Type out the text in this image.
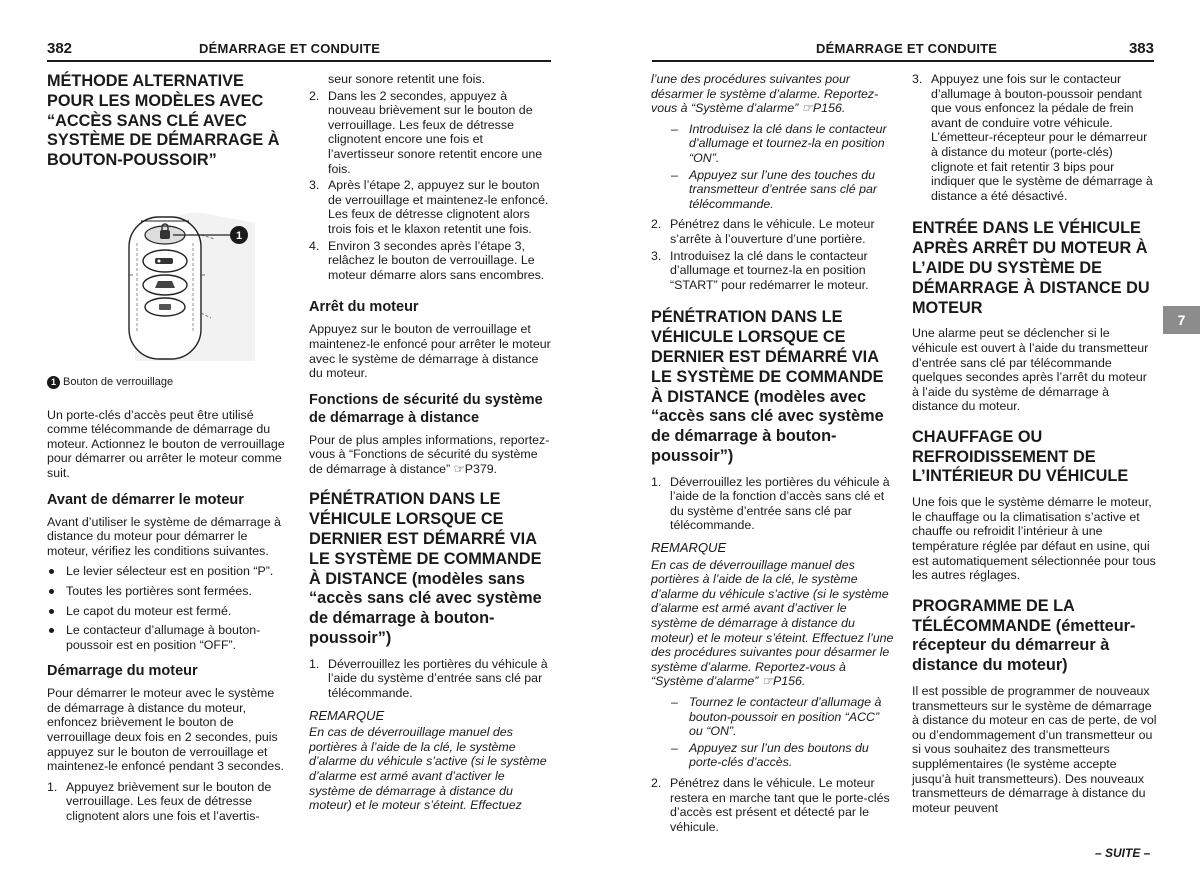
382	DÉMARRAGE ET CONDUITE
MÉTHODE ALTERNATIVE POUR LES MODÈLES AVEC “ACCÈS SANS CLÉ AVEC SYSTÈME DE DÉMARRAGE À BOUTON-POUSSOIR”
1
1 Bouton de verrouillage

Un porte-clés d’accès peut être utilisé comme télécommande de démarrage du moteur. Actionnez le bouton de verrouillage pour démarrer ou arrêter le moteur comme suit.

Avant de démarrer le moteur

Avant d’utiliser le système de démarrage à distance du moteur pour démarrer le moteur, vérifiez les conditions suivantes.

Le levier sélecteur est en position “P”.
Toutes les portières sont fermées.
Le capot du moteur est fermé.
Le contacteur d’allumage à bouton-poussoir est en position “OFF”.
Démarrage du moteur

Pour démarrer le moteur avec le système de démarrage à distance du moteur, enfoncez brièvement le bouton de verrouillage deux fois en 2 secondes, puis appuyez sur le bouton de verrouillage et maintenez-le enfoncé pendant 3 secondes.

1. Appuyez brièvement sur le bouton de verrouillage. Les feux de détresse clignotent alors une fois et l’avertis-

seur sonore retentit une fois.

2. Dans les 2 secondes, appuyez à nouveau brièvement sur le bouton de verrouillage. Les feux de détresse clignotent encore une fois et l’avertisseur sonore retentit encore une fois.
3. Après l’étape 2, appuyez sur le bouton de verrouillage et maintenez-le enfoncé. Les feux de détresse clignotent alors trois fois et le klaxon retentit une fois.
4. Environ 3 secondes après l’étape 3, relâchez le bouton de verrouillage. Le moteur démarre alors sans encombres.
Arrêt du moteur

Appuyez sur le bouton de verrouillage et maintenez-le enfoncé pour arrêter le moteur avec le système de démarrage à distance du moteur.

Fonctions de sécurité du système de démarrage à distance

Pour de plus amples informations, reportez-vous à “Fonctions de sécurité du système de démarrage à distance” ☞P379.

PÉNÉTRATION DANS LE VÉHICULE LORSQUE CE DERNIER EST DÉMARRÉ VIA LE SYSTÈME DE COMMANDE À DISTANCE (modèles sans “accès sans clé avec système de démarrage à bouton-poussoir”)
1. Déverrouillez les portières du véhicule à l’aide du système d’entrée sans clé par télécommande.
REMARQUE

En cas de déverrouillage manuel des portières à l’aide de la clé, le système d’alarme du véhicule s’active (si le système d’alarme est armé avant d’activer le système de démarrage à distance du moteur) et le moteur s’éteint. Effectuez

DÉMARRAGE ET CONDUITE	383

l’une des procédures suivantes pour désarmer le système d’alarme. Reportez-vous à “Système d’alarme” ☞P156.

– Introduisez la clé dans le contacteur d’allumage et tournez-la en position “ON”.
– Appuyez sur l’une des touches du transmetteur d’entrée sans clé par télécommande.
2. Pénétrez dans le véhicule. Le moteur s’arrête à l’ouverture d’une portière.
3. Introduisez la clé dans le contacteur d’allumage et tournez-la en position “START” pour redémarrer le moteur.
PÉNÉTRATION DANS LE VÉHICULE LORSQUE CE DERNIER EST DÉMARRÉ VIA LE SYSTÈME DE COMMANDE À DISTANCE (modèles avec “accès sans clé avec système de démarrage à bouton-poussoir”)
1. Déverrouillez les portières du véhicule à l’aide de la fonction d’accès sans clé et du système d’entrée sans clé par télécommande.
REMARQUE

En cas de déverrouillage manuel des portières à l’aide de la clé, le système d’alarme du véhicule s’active (si le système d’alarme est armé avant d’activer le système de démarrage à distance du moteur) et le moteur s’éteint. Effectuez l’une des procédures suivantes pour désarmer le système d’alarme. Reportez-vous à “Système d’alarme” ☞P156.

– Tournez le contacteur d’allumage à bouton-poussoir en position “ACC” ou “ON”.
– Appuyez sur l’un des boutons du porte-clés d’accès.
2. Pénétrez dans le véhicule. Le moteur restera en marche tant que le porte-clés d’accès est présent et détecté par le véhicule.
3. Appuyez une fois sur le contacteur d’allumage à bouton-poussoir pendant que vous enfoncez la pédale de frein avant de conduire votre véhicule. L’émetteur-récepteur pour le démarreur à distance du moteur (porte-clés) clignote et fait retentir 3 bips pour indiquer que le système de démarrage à distance a été désactivé.
ENTRÉE DANS LE VÉHICULE APRÈS ARRÊT DU MOTEUR À L’AIDE DU SYSTÈME DE DÉMARRAGE À DISTANCE DU MOTEUR

Une alarme peut se déclencher si le véhicule est ouvert à l’aide du transmetteur d’entrée sans clé par télécommande quelques secondes après l’arrêt du moteur à l’aide du système de démarrage à distance du moteur.

CHAUFFAGE OU REFROIDISSEMENT DE L’INTÉRIEUR DU VÉHICULE

Une fois que le système démarre le moteur, le chauffage ou la climatisation s’active et chauffe ou refroidit l’intérieur à une température réglée par défaut en usine, qui est automatiquement sélectionnée pour tous les autres réglages.

PROGRAMME DE LA TÉLÉCOMMANDE (émetteur-récepteur du démarreur à distance du moteur)

Il est possible de programmer de nouveaux transmetteurs sur le système de démarrage à distance du moteur en cas de perte, de vol ou d’endommagement d’un transmetteur ou si vous souhaitez des transmetteurs supplémentaires (le système accepte jusqu’à huit transmetteurs). Des nouveaux transmetteurs de démarrage à distance du moteur peuvent

7
– SUITE –
